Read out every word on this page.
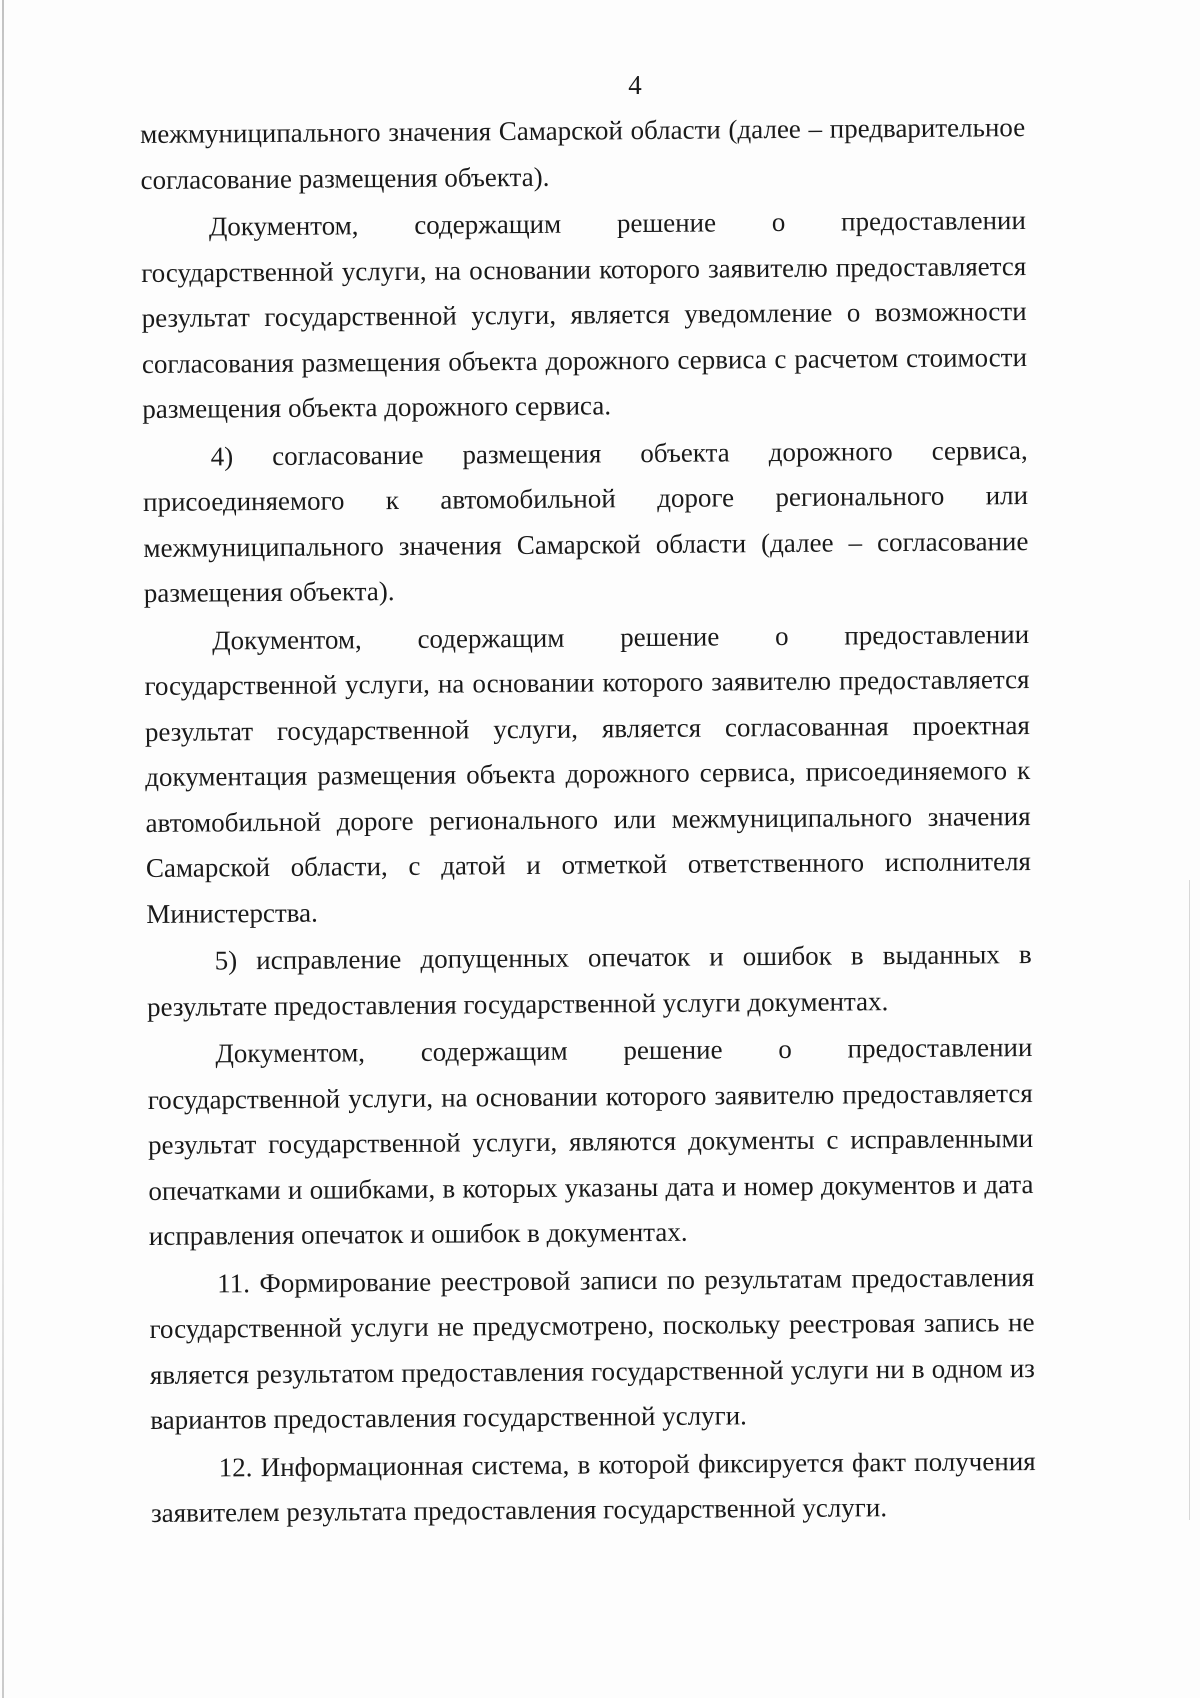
4

межмуниципального значения Самарской области (далее – предварительное согласование размещения объекта).

Документом, содержащим решение о предоставлении государственной услуги, на основании которого заявителю предоставляется результат государственной услуги, является уведомление о возможности согласования размещения объекта дорожного сервиса с расчетом стоимости размещения объекта дорожного сервиса.

4) согласование размещения объекта дорожного сервиса, присоединяемого к автомобильной дороге регионального или межмуниципального значения Самарской области (далее – согласование размещения объекта).

Документом, содержащим решение о предоставлении государственной услуги, на основании которого заявителю предоставляется результат государственной услуги, является согласованная проектная документация размещения объекта дорожного сервиса, присоединяемого к автомобильной дороге регионального или межмуниципального значения Самарской области, с датой и отметкой ответственного исполнителя Министерства.

5) исправление допущенных опечаток и ошибок в выданных в результате предоставления государственной услуги документах.

Документом, содержащим решение о предоставлении государственной услуги, на основании которого заявителю предоставляется результат государственной услуги, являются документы с исправленными опечатками и ошибками, в которых указаны дата и номер документов и дата исправления опечаток и ошибок в документах.

11. Формирование реестровой записи по результатам предоставления государственной услуги не предусмотрено, поскольку реестровая запись не является результатом предоставления государственной услуги ни в одном из вариантов предоставления государственной услуги.

12. Информационная система, в которой фиксируется факт получения заявителем результата предоставления государственной услуги.
